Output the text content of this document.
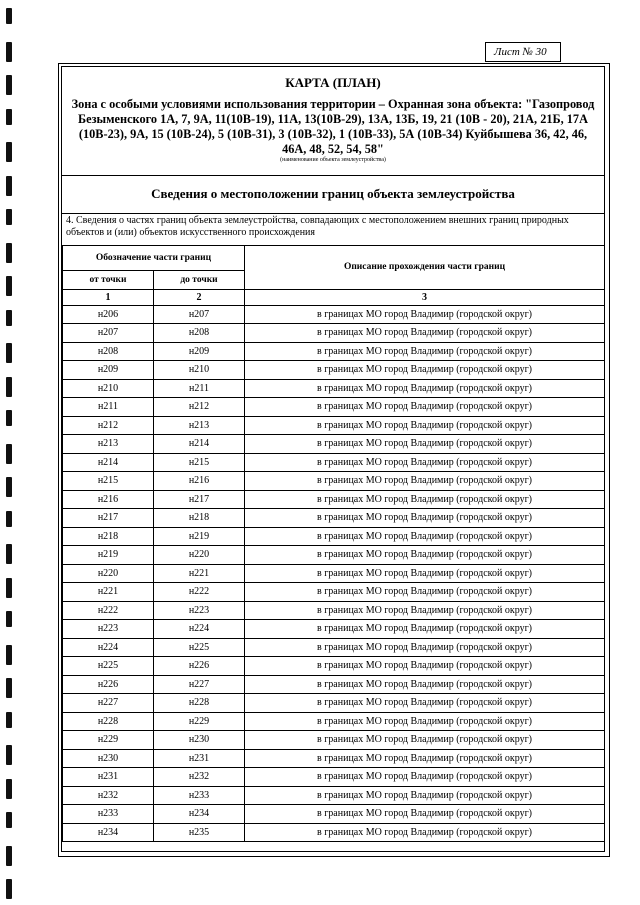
Лист № 30
КАРТА (ПЛАН)
Зона с особыми условиями использования территории – Охранная зона объекта: "Газопровод Безыменского 1А, 7, 9А, 11(10В-19), 11А, 13(10В-29), 13А, 13Б, 19, 21 (10В - 20), 21А, 21Б, 17А (10В-23), 9А, 15 (10В-24), 5 (10В-31), 3 (10В-32), 1 (10В-33), 5А (10В-34) Куйбышева 36, 42, 46, 46А, 48, 52, 54, 58"
(наименование объекта землеустройства)
Сведения о местоположении границ объекта землеустройства
4. Сведения о частях границ объекта землеустройства, совпадающих с местоположением внешних границ природных объектов и (или) объектов искусственного происхождения
Обозначение части границ		Описание прохождения части границ
от точки	до точки	
1	2	3
н206	н207	в границах МО город Владимир (городской округ)
н207	н208	в границах МО город Владимир (городской округ)
н208	н209	в границах МО город Владимир (городской округ)
н209	н210	в границах МО город Владимир (городской округ)
н210	н211	в границах МО город Владимир (городской округ)
н211	н212	в границах МО город Владимир (городской округ)
н212	н213	в границах МО город Владимир (городской округ)
н213	н214	в границах МО город Владимир (городской округ)
н214	н215	в границах МО город Владимир (городской округ)
н215	н216	в границах МО город Владимир (городской округ)
н216	н217	в границах МО город Владимир (городской округ)
н217	н218	в границах МО город Владимир (городской округ)
н218	н219	в границах МО город Владимир (городской округ)
н219	н220	в границах МО город Владимир (городской округ)
н220	н221	в границах МО город Владимир (городской округ)
н221	н222	в границах МО город Владимир (городской округ)
н222	н223	в границах МО город Владимир (городской округ)
н223	н224	в границах МО город Владимир (городской округ)
н224	н225	в границах МО город Владимир (городской округ)
н225	н226	в границах МО город Владимир (городской округ)
н226	н227	в границах МО город Владимир (городской округ)
н227	н228	в границах МО город Владимир (городской округ)
н228	н229	в границах МО город Владимир (городской округ)
н229	н230	в границах МО город Владимир (городской округ)
н230	н231	в границах МО город Владимир (городской округ)
н231	н232	в границах МО город Владимир (городской округ)
н232	н233	в границах МО город Владимир (городской округ)
н233	н234	в границах МО город Владимир (городской округ)
н234	н235	в границах МО город Владимир (городской округ)
